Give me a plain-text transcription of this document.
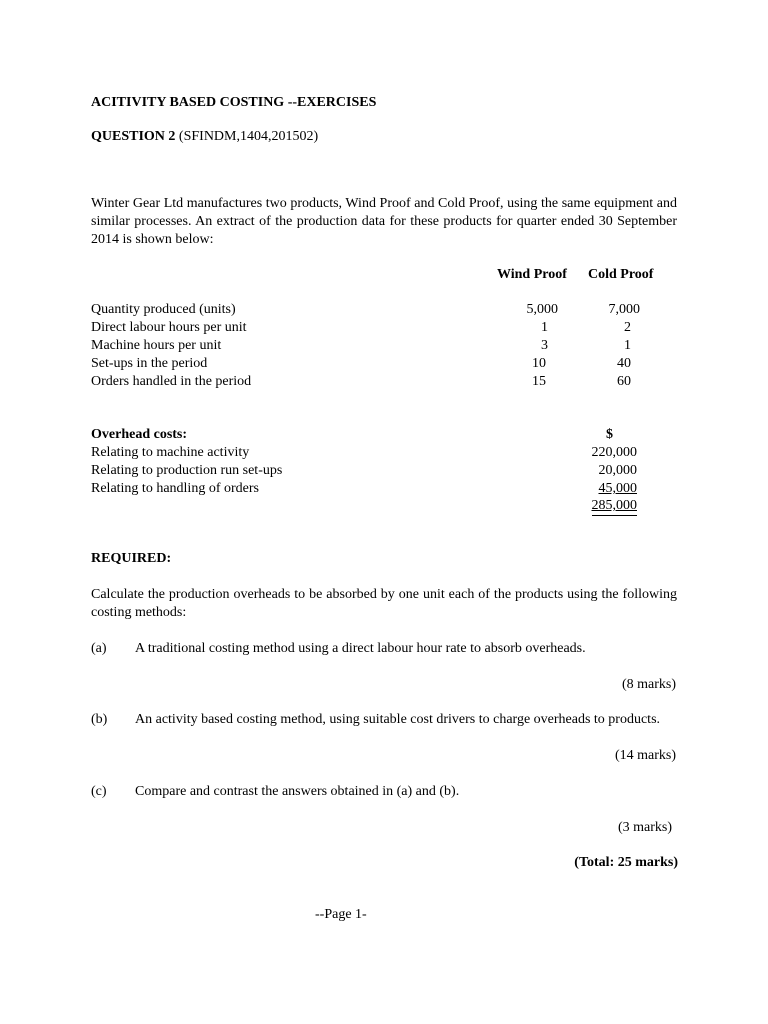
ACITIVITY BASED COSTING --EXERCISES
QUESTION 2 (SFINDM,1404,201502)
Winter Gear Ltd manufactures two products, Wind Proof and Cold Proof, using the same equipment and similar processes. An extract of the production data for these products for quarter ended 30 September 2014 is shown below:
Wind Proof Cold Proof
Quantity produced (units)	5,000	7,000
Direct labour hours per unit	1	2
Machine hours per unit	3	1
Set-ups in the period	10	40
Orders handled in the period	15	60
Overhead costs:	$
Relating to machine activity	220,000
Relating to production run set-ups	20,000
Relating to handling of orders	45,000
285,000
REQUIRED:
Calculate the production overheads to be absorbed by one unit each of the products using the following costing methods:
(a) A traditional costing method using a direct labour hour rate to absorb overheads.
(8 marks)
(b) An activity based costing method, using suitable cost drivers to charge overheads to products.
(14 marks)
(c) Compare and contrast the answers obtained in (a) and (b).
(3 marks)
(Total: 25 marks)
--Page 1-
